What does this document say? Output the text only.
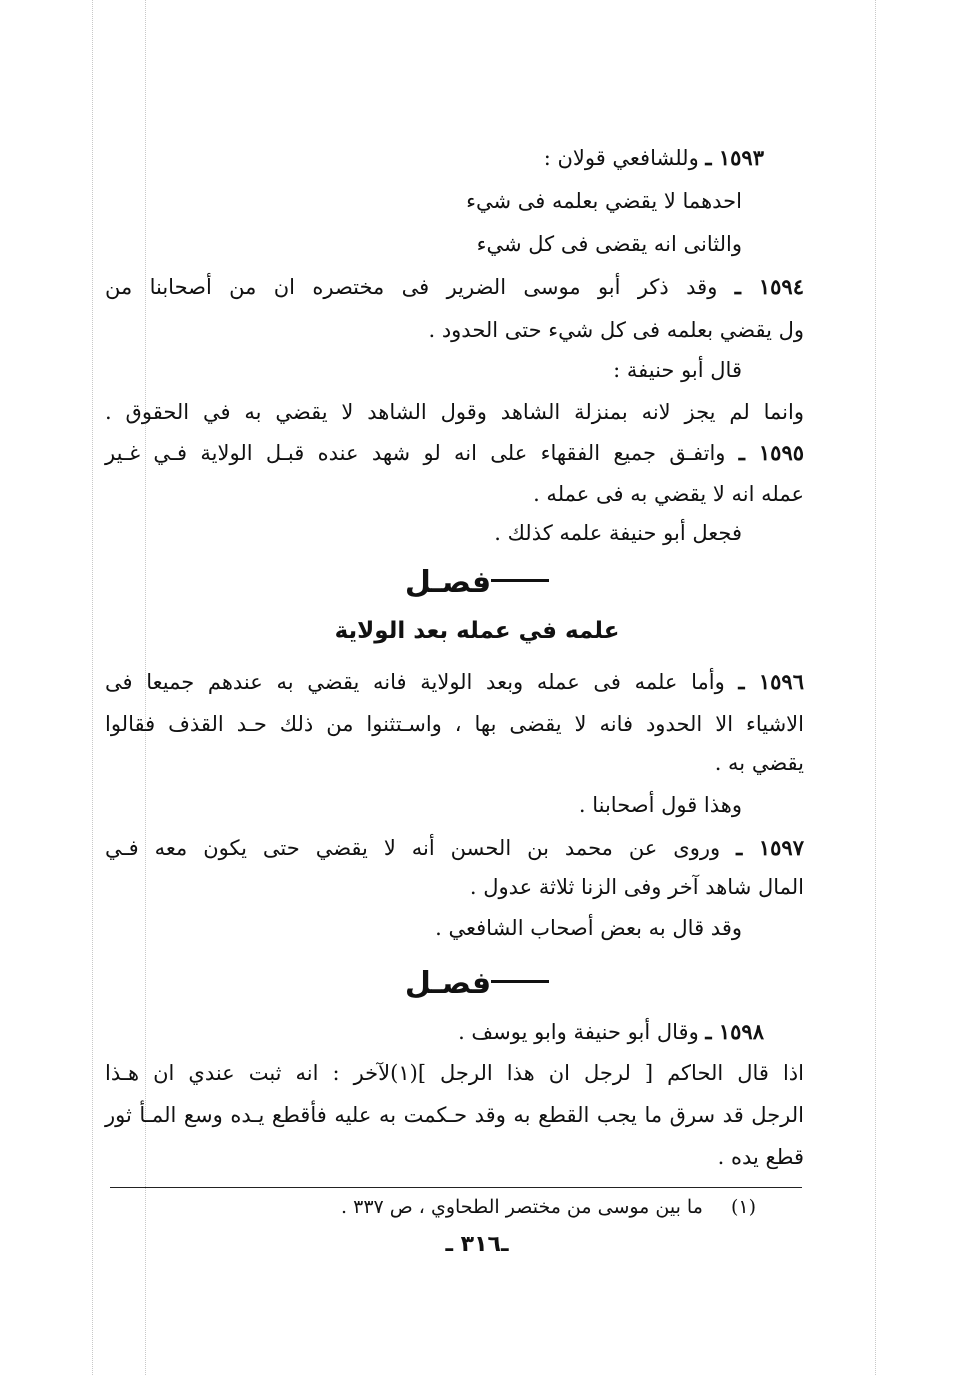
١٥٩٣ ـ وللشافعي قولان :
احدهما لا يقضي بعلمه فى شيء
والثانى انه يقضى فى كل شيء
١٥٩٤ ـ وقد ذكر أبو موسى الضرير فى مختصره ان من أصحابنا من
ول يقضي بعلمه فى كل شيء حتى الحدود .
قال أبو حنيفة :
وانما لم يجز لانه بمنزلة الشاهد وقول الشاهد لا يقضي به في الحقوق .
١٥٩٥ ـ واتفـق جميع الفقهاء على انه لو شهد عنده قبـل الولاية فـي غـير
عمله انه لا يقضي به فى عمله .
فجعل أبو حنيفة علمه كذلك .
فصـل
علمه في عمله بعد الولاية
١٥٩٦ ـ وأما علمه فى عمله وبعد الولاية فانه يقضي به عندهم جميعا فى
الاشياء الا الحدود فانه لا يقضى بها ، واسـتثنوا من ذلك حـد القذف فقالوا
يقضي به .
وهذا قول أصحابنا .
١٥٩٧ ـ وروى عن محمد بن الحسن أنه لا يقضي حتى يكون معه فـي
المال شاهد آخر وفى الزنا ثلاثة عدول .
وقد قال به بعض أصحاب الشافعي .
فصـل
١٥٩٨ ـ وقال أبو حنيفة وابو يوسف .
اذا قال الحاكم [ لرجل ان هذا الرجل ](١)لآخر : انه ثبت عندي ان هـذا
الرجل قد سرق ما يجب القطع به وقد حـكمت به عليه فأقطع يـده وسع المـأ ثور
قطع يده .
(١) ما بين موسى من مختصر الطحاوي ، ص ٣٣٧ .
ـ٣١٦ ـ
